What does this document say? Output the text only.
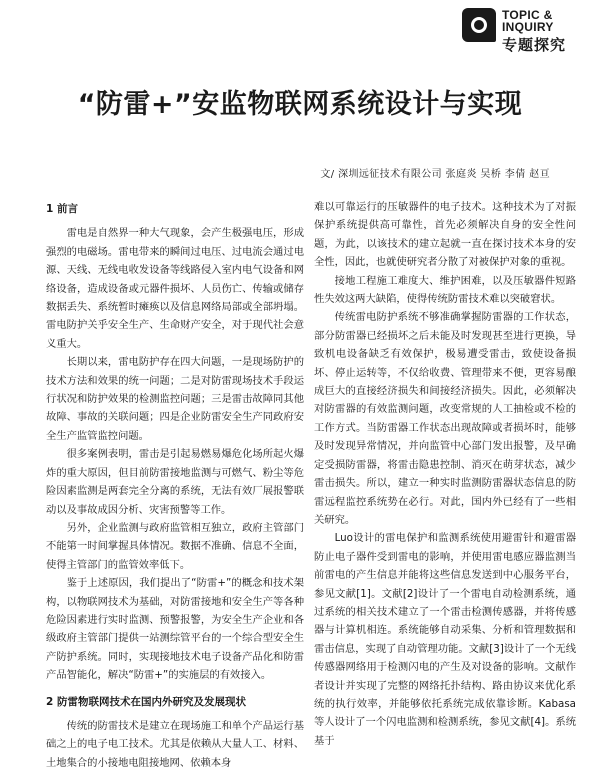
TOPIC &
INQUIRY
专题探究
“防雷+”安监物联网系统设计与实现
文/ 深圳远征技术有限公司 张庭炎 吴桥 李倩 赵亘
1 前言

雷电是自然界一种大气现象，会产生极强电压，形成强烈的电磁场。雷电带来的瞬间过电压、过电流会通过电源、天线、无线电收发设备等线路侵入室内电气设备和网络设备，造成设备或元器件损坏、人员伤亡、传输或储存数据丢失、系统暂时瘫痪以及信息网络局部或全部坍塌。雷电防护关乎安全生产、生命财产安全，对于现代社会意义重大。

长期以来，雷电防护存在四大问题，一是现场防护的技术方法和效果的统一问题；二是对防雷现场技术手段运行状况和防护效果的检测监控问题；三是雷击故障同其他故障、事故的关联问题；四是企业防雷安全生产同政府安全生产监管监控问题。

很多案例表明，雷击是引起易燃易爆危化场所起火爆炸的重大原因，但目前防雷接地监测与可燃气、粉尘等危险因素监测是两套完全分离的系统，无法有效厂展报警联动以及事故成因分析、灾害预警等工作。

另外，企业监测与政府监管相互独立，政府主管部门不能第一时间掌握具体情况。数据不准确、信息不全面，使得主管部门的监管效率低下。

鉴于上述原因，我们提出了“防雷+”的概念和技术架构，以物联网技术为基础，对防雷接地和安全生产等各种危险因素进行实时监测、预警报警，为安全生产企业和各级政府主管部门提供一站测综管平台的一个综合型安全生产防护系统。同时，实现接地技术电子设备产品化和防雷产品智能化，解决“防雷+”的实施层的有效接入。

2 防雷物联网技术在国内外研究及发展现状

传统的防雷技术是建立在现场施工和单个产品运行基础之上的电子电工技术。尤其是依赖从大量人工、材料、土地集合的小接地电阻接地网、依赖本身

难以可靠运行的压敏器件的电子技术。这种技术为了对振保护系统提供高可靠性，首先必须解决自身的安全性问题，为此，以该技术的建立起就一直在探讨技术本身的安全性，因此，也就使研究者分散了对被保护对象的重视。

接地工程施工难度大、维护困难，以及压敏器件短路性失效这两大缺陷，使得传统防雷技术难以突破窘状。

传统雷电防护系统不够准确掌握防雷器的工作状态，部分防雷器已经损坏之后未能及时发现甚至进行更换，导致机电设备缺乏有效保护，极易遭受雷击，致使设备损坏、停止运转等，不仅给收费、管理带来不便，更容易酿成巨大的直接经济损失和间接经济损失。因此，必须解决对防雷器的有效监测问题，改变常规的人工抽检或不检的工作方式。当防雷器工作状态出现故障或者损坏时，能够及时发现异常情况，并向监管中心部门发出报警，及早确定受损防雷器，将雷击隐患控制、消灭在萌芽状态，减少雷击损失。所以，建立一种实时监测防雷器状态信息的防雷远程监控系统势在必行。对此，国内外已经有了一些相关研究。

Luo设计的雷电保护和监测系统使用避雷针和避雷器防止电子器件受到雷电的影响，并使用雷电感应器监测当前雷电的产生信息并能将这些信息发送到中心服务平台，参见文献[1]。文献[2]设计了一个雷电自动检测系统，通过系统的相关技术建立了一个雷击检测传感器，并将传感器与计算机相连。系统能够自动采集、分析和管理数据和雷击信息，实现了自动管理功能。文献[3]设计了一个无线传感器网络用于检测闪电的产生及对设备的影响。文献作者设计并实现了完整的网络托扑结构、路由协议来优化系统的执行效率，并能够依托系统完成依靠诊断。Kabasa等人设计了一个闪电监测和检测系统，参见文献[4]。系统基于
